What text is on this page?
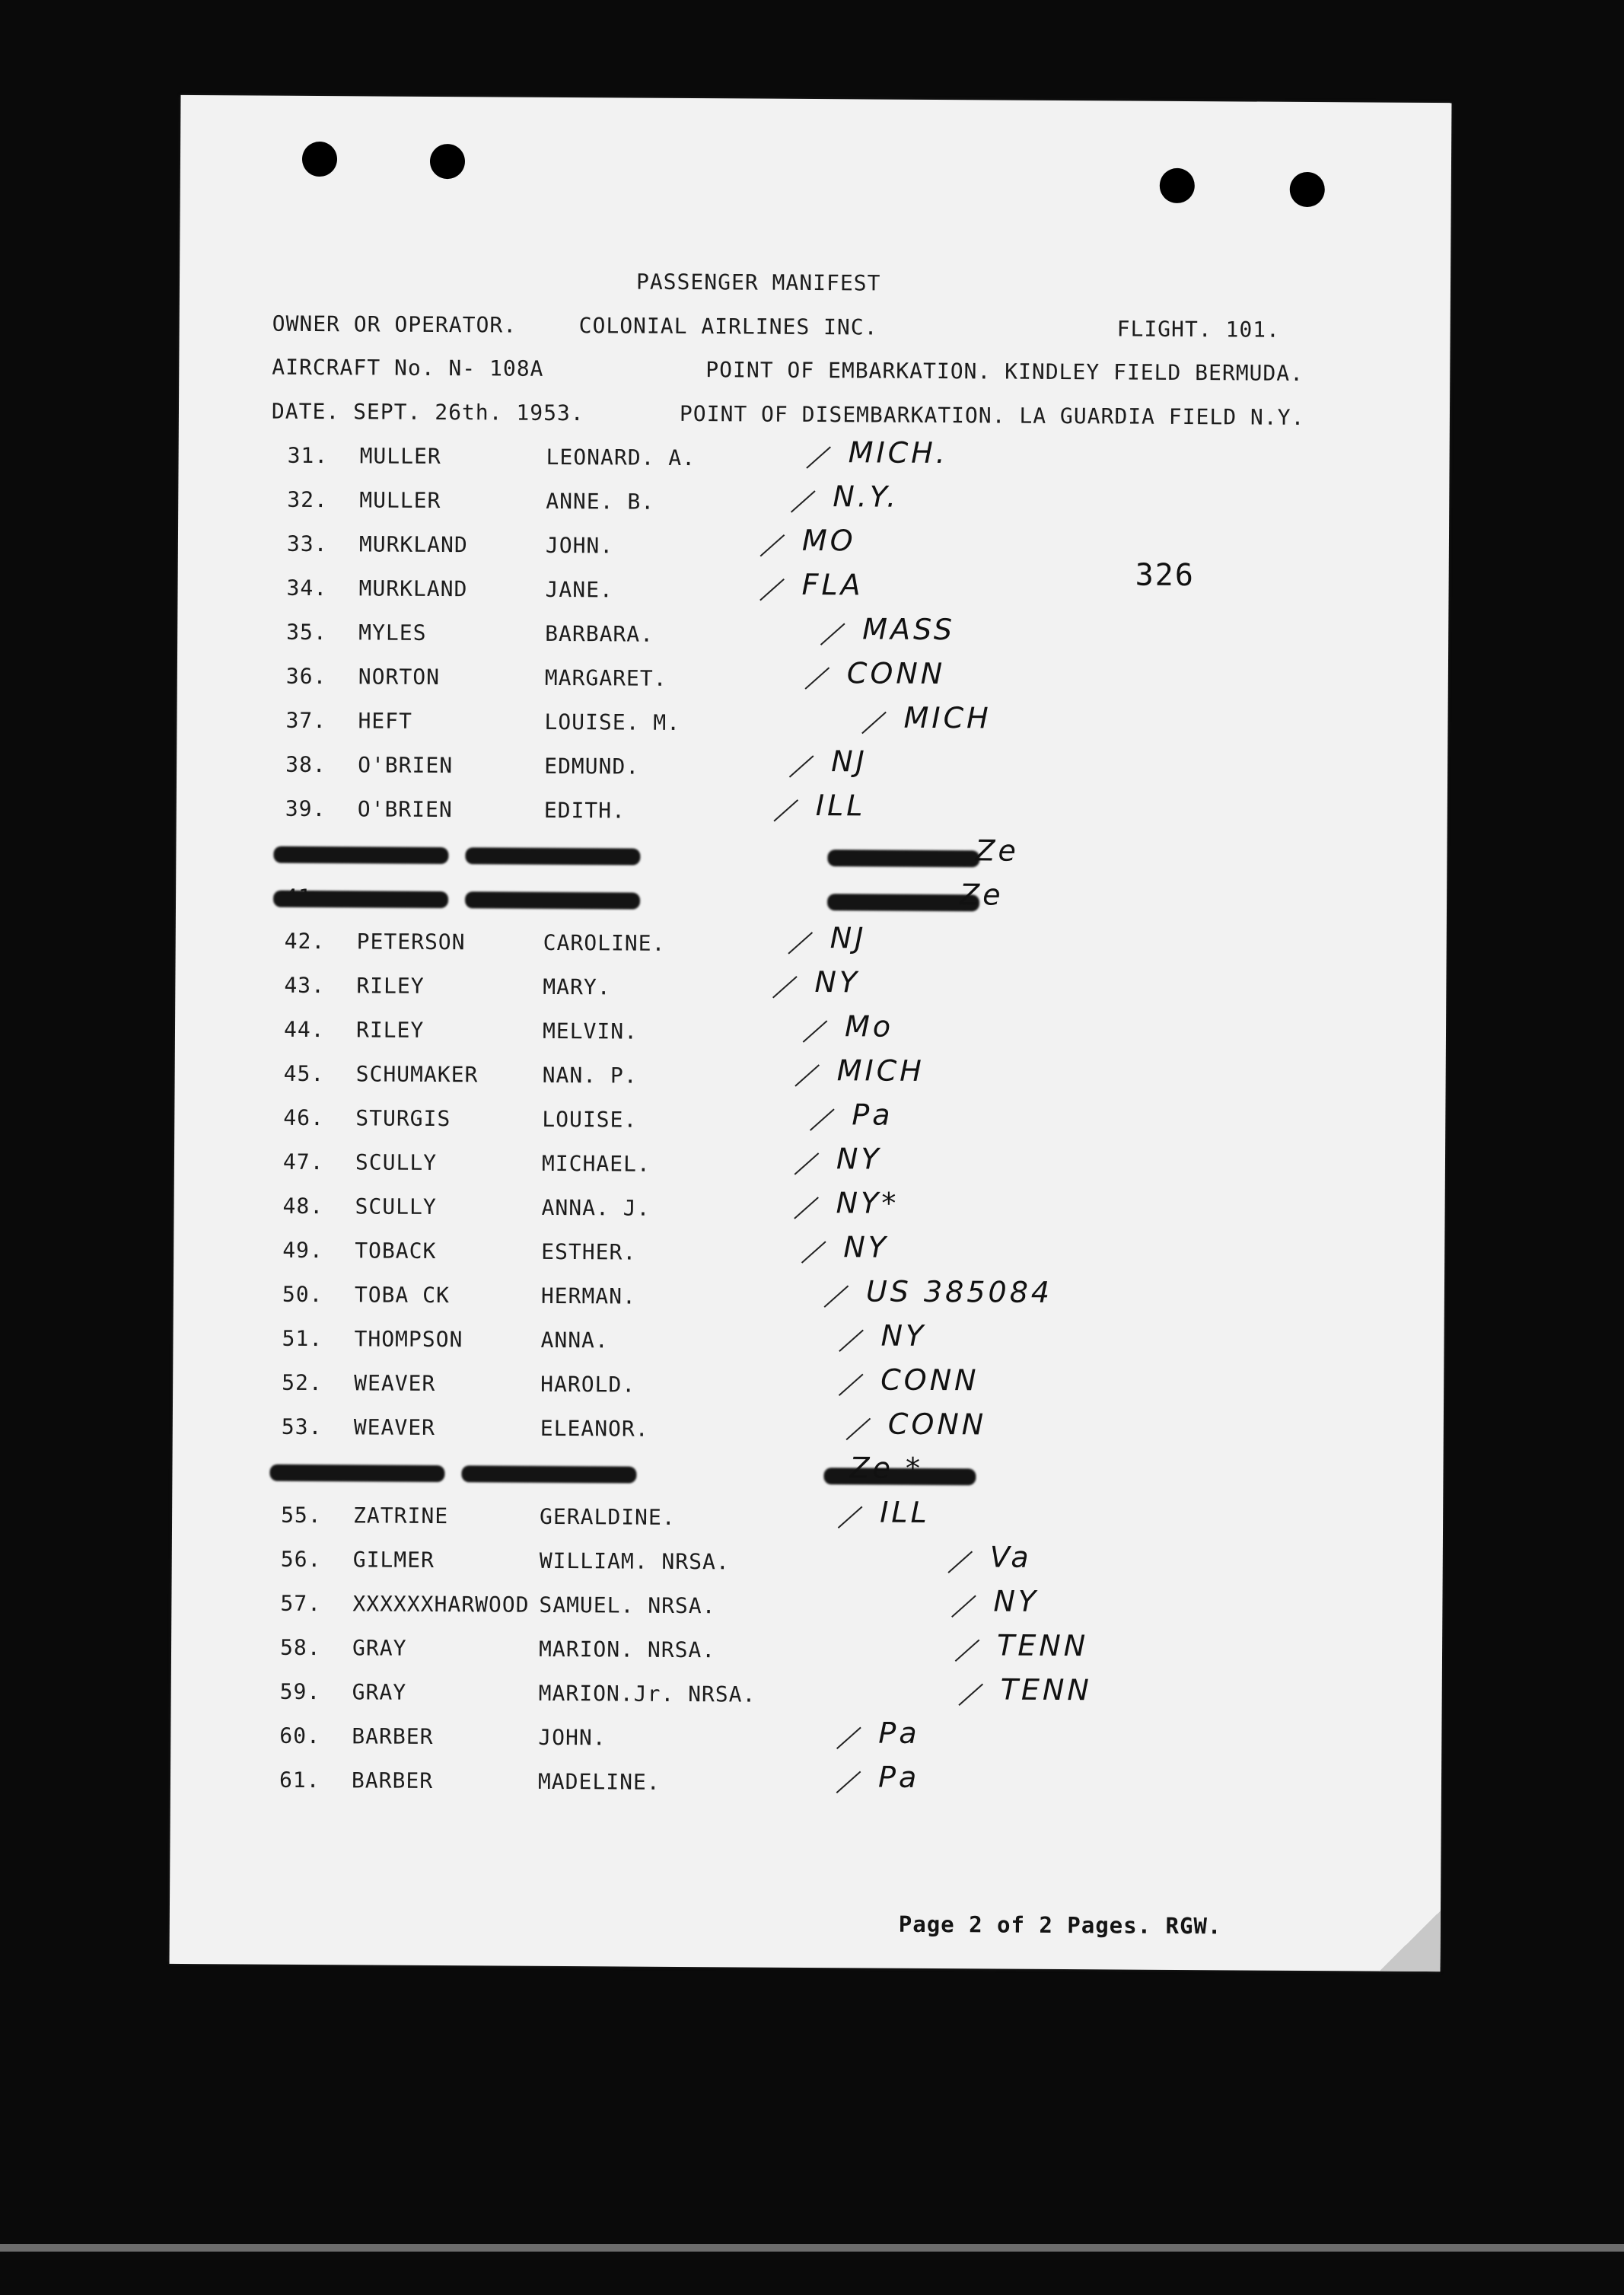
PASSENGER MANIFEST
OWNER OR OPERATOR.	COLONIAL AIRLINES INC.	FLIGHT. 101.
AIRCRAFT No. N- 108A	POINT OF EMBARKATION. KINDLEY FIELD BERMUDA.
DATE. SEPT. 26th. 1953.	POINT OF DISEMBARKATION. LA GUARDIA FIELD N.Y.
326
31. MULLER	LEONARD. A.	MICH.
32. MULLER	ANNE. B.	N.Y.
33. MURKLAND	JOHN.	MO
34. MURKLAND	JANE.	FLA
35. MYLES	BARBARA.	MASS
36. NORTON	MARGARET.	CONN
37. HEFT	LOUISE. M.	MICH
38. O'BRIEN	EDMUND.	NJ
39. O'BRIEN	EDITH.	ILL
Ze
Ze
42. PETERSON	CAROLINE.	NJ
43. RILEY	MARY.	NY
44. RILEY	MELVIN.	Mo
45. SCHUMAKER	NAN. P.	MICH
46. STURGIS	LOUISE.	Pa
47. SCULLY	MICHAEL.	NY
48. SCULLY	ANNA. J.	NY*
49. TOBACK	ESTHER.	NY
50. TOBA CK	HERMAN.	US 385084
51. THOMPSON	ANNA.	NY
52. WEAVER	HAROLD.	CONN
53. WEAVER	ELEANOR.	CONN
Ze *
55. ZATRINE	GERALDINE.	ILL
56. GILMER	WILLIAM. NRSA.	Va
57. XXXXXXHARWOOD SAMUEL. NRSA.	NY
58. GRAY	MARION. NRSA.	TENN
59. GRAY	MARION.Jr. NRSA.	TENN
60. BARBER	JOHN.	Pa
61. BARBER	MADELINE.	Pa
Page 2 of 2 Pages. RGW.
